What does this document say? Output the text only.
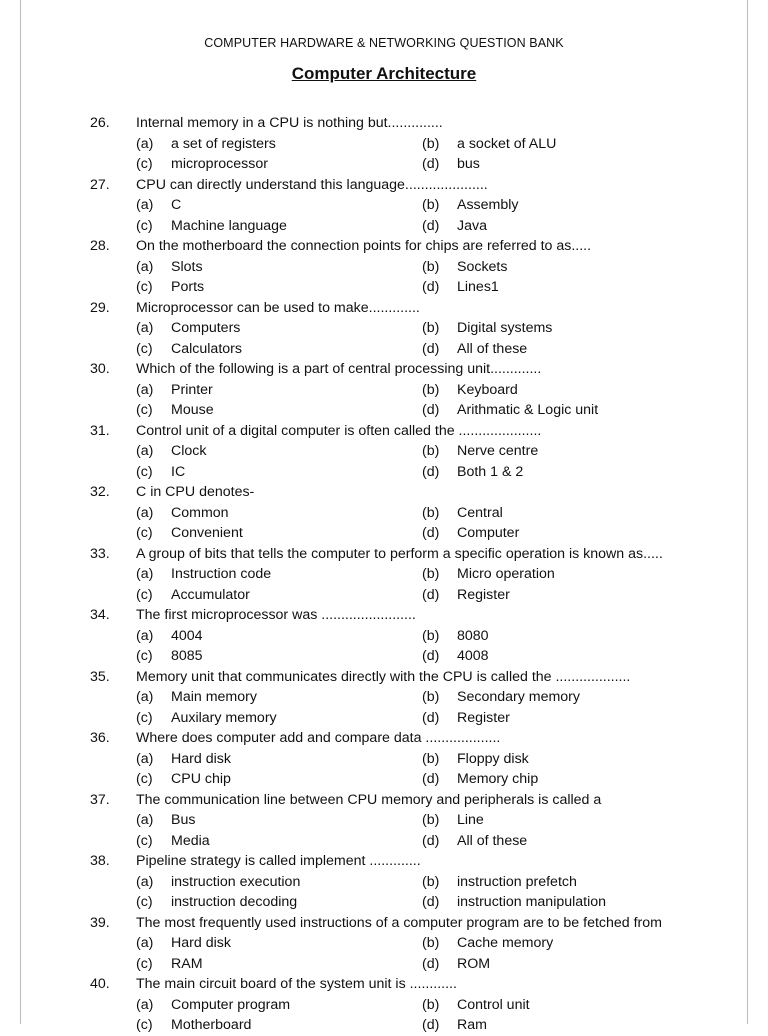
COMPUTER HARDWARE & NETWORKING QUESTION BANK
Computer Architecture
26. Internal memory in a CPU is nothing but..............
(a) a set of registers	(b) a socket of ALU
(c) microprocessor	(d) bus
27. CPU can directly understand this language.....................
(a) C	(b) Assembly
(c) Machine language	(d) Java
28. On the motherboard the connection points for chips are referred to as.....
(a) Slots	(b) Sockets
(c) Ports	(d) Lines1
29. Microprocessor can be used to make.............
(a) Computers	(b) Digital systems
(c) Calculators	(d) All of these
30. Which of the following is a part of central processing unit.............
(a) Printer	(b) Keyboard
(c) Mouse	(d) Arithmatic & Logic unit
31. Control unit of a digital computer is often called the .....................
(a) Clock	(b) Nerve centre
(c) IC	(d) Both 1 & 2
32. C in CPU denotes-
(a) Common	(b) Central
(c) Convenient	(d) Computer
33. A group of bits that tells the computer to perform a specific operation is known as.....
(a) Instruction code	(b) Micro operation
(c) Accumulator	(d) Register
34. The first microprocessor was ........................
(a) 4004	(b) 8080
(c) 8085	(d) 4008
35. Memory unit that communicates directly with the CPU is called the ...................
(a) Main memory	(b) Secondary memory
(c) Auxilary memory	(d) Register
36. Where does computer add and compare data ...................
(a) Hard disk	(b) Floppy disk
(c) CPU chip	(d) Memory chip
37. The communication line between CPU memory and peripherals is called a
(a) Bus	(b) Line
(c) Media	(d) All of these
38. Pipeline strategy is called implement .............
(a) instruction execution	(b) instruction prefetch
(c) instruction decoding	(d) instruction manipulation
39. The most frequently used instructions of a computer program are to be fetched from
(a) Hard disk	(b) Cache memory
(c) RAM	(d) ROM
40. The main circuit board of the system unit is ............
(a) Computer program	(b) Control unit
(c) Motherboard	(d) Ram
